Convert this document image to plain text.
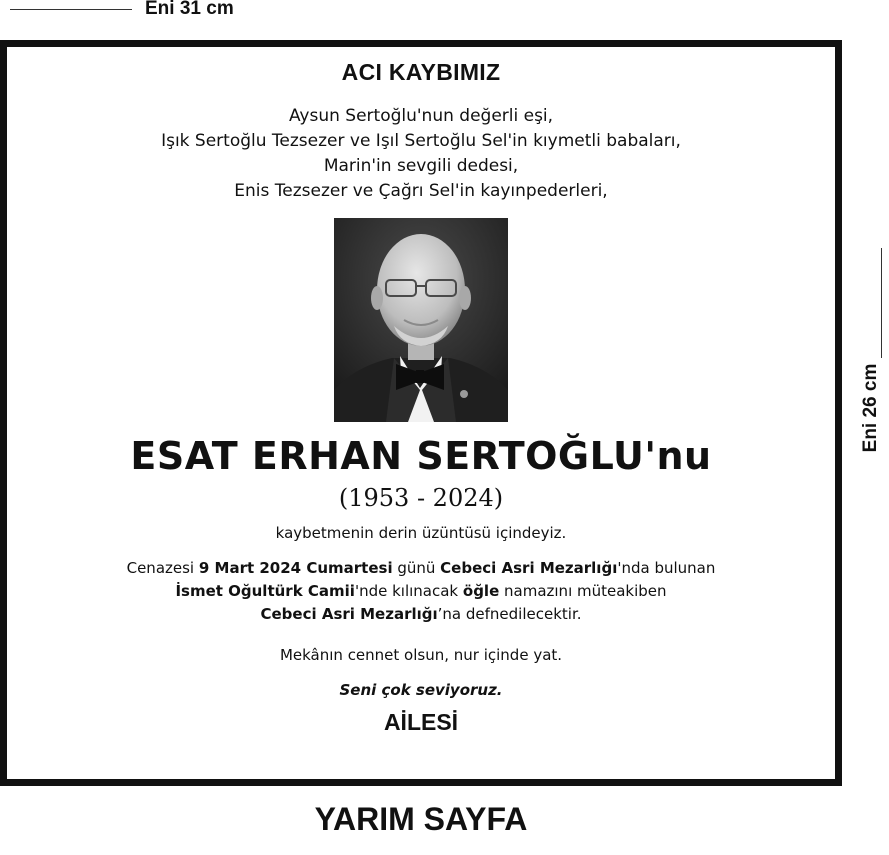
Eni 31 cm
Eni 26 cm
ACI KAYBIMIZ
Aysun Sertoğlu'nun değerli eşi,
Işık Sertoğlu Tezsezer ve Işıl Sertoğlu Sel'in kıymetli babaları,
Marin'in sevgili dedesi,
Enis Tezsezer ve Çağrı Sel'in kayınpederleri,
ESAT ERHAN SERTOĞLU'nu
(1953 - 2024)
kaybetmenin derin üzüntüsü içindeyiz.
Cenazesi 9 Mart 2024 Cumartesi günü Cebeci Asri Mezarlığı'nda bulunan
İsmet Oğultürk Camii'nde kılınacak öğle namazını müteakiben
Cebeci Asri Mezarlığı’na defnedilecektir.
Mekânın cennet olsun, nur içinde yat.
Seni çok seviyoruz.
AİLESİ
YARIM SAYFA
